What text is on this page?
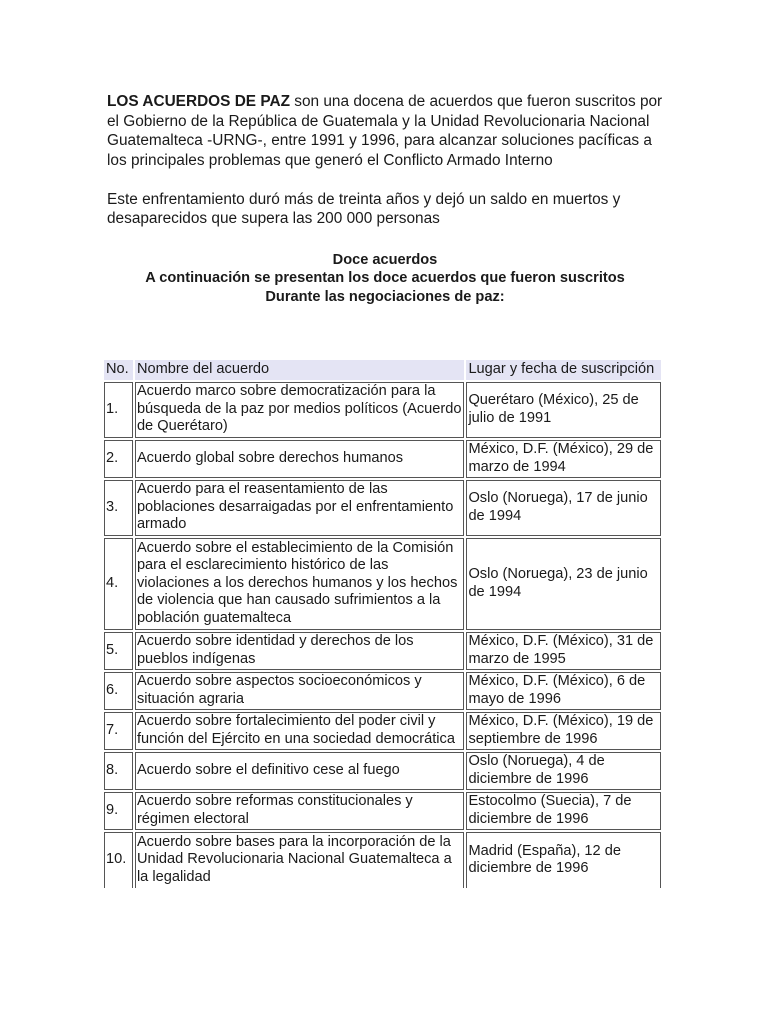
LOS ACUERDOS DE PAZ son una docena de acuerdos que fueron suscritos por el Gobierno de la República de Guatemala y la Unidad Revolucionaria Nacional Guatemalteca -URNG-, entre 1991 y 1996, para alcanzar soluciones pacíficas a los principales problemas que generó el Conflicto Armado Interno

Este enfrentamiento duró más de treinta años y dejó un saldo en muertos y desaparecidos que supera las 200 000 personas

Doce acuerdos
A continuación se presentan los doce acuerdos que fueron suscritos
Durante las negociaciones de paz:
No.	Nombre del acuerdo	Lugar y fecha de suscripción
1.	Acuerdo marco sobre democratización para la búsqueda de la paz por medios políticos (Acuerdo de Querétaro)	Querétaro (México), 25 de julio de 1991
2.	Acuerdo global sobre derechos humanos	México, D.F. (México), 29 de marzo de 1994
3.	Acuerdo para el reasentamiento de las poblaciones desarraigadas por el enfrentamiento armado	Oslo (Noruega), 17 de junio de 1994
4.	Acuerdo sobre el establecimiento de la Comisión para el esclarecimiento histórico de las violaciones a los derechos humanos y los hechos de violencia que han causado sufrimientos a la población guatemalteca	Oslo (Noruega), 23 de junio de 1994
5.	Acuerdo sobre identidad y derechos de los pueblos indígenas	México, D.F. (México), 31 de marzo de 1995
6.	Acuerdo sobre aspectos socioeconómicos y situación agraria	México, D.F. (México), 6 de mayo de 1996
7.	Acuerdo sobre fortalecimiento del poder civil y función del Ejército en una sociedad democrática	México, D.F. (México), 19 de septiembre de 1996
8.	Acuerdo sobre el definitivo cese al fuego	Oslo (Noruega), 4 de diciembre de 1996
9.	Acuerdo sobre reformas constitucionales y régimen electoral	Estocolmo (Suecia), 7 de diciembre de 1996
10.	Acuerdo sobre bases para la incorporación de la Unidad Revolucionaria Nacional Guatemalteca a la legalidad	Madrid (España), 12 de diciembre de 1996
